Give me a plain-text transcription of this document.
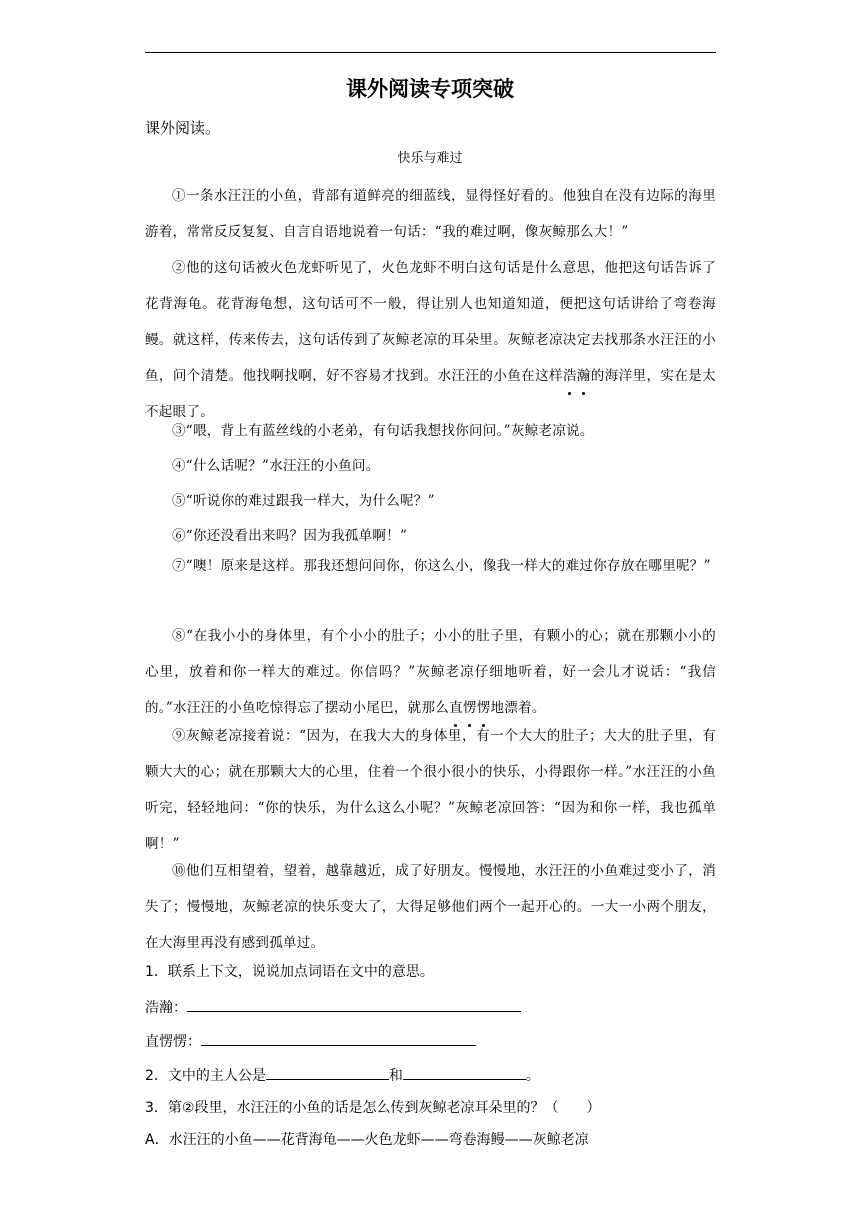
课外阅读专项突破
课外阅读。
快乐与难过
①一条水汪汪的小鱼，背部有道鲜亮的细蓝线，显得怪好看的。他独自在没有边际的海里游着，常常反反复复、自言自语地说着一句话：“我的难过啊，像灰鲸那么大！”
②他的这句话被火色龙虾听见了，火色龙虾不明白这句话是什么意思，他把这句话告诉了花背海龟。花背海龟想，这句话可不一般，得让别人也知道知道，便把这句话讲给了弯卷海鳗。就这样，传来传去，这句话传到了灰鲸老凉的耳朵里。灰鲸老凉决定去找那条水汪汪的小鱼，问个清楚。他找啊找啊，好不容易才找到。水汪汪的小鱼在这样浩瀚的海洋里，实在是太不起眼了。
③“喂，背上有蓝丝线的小老弟，有句话我想找你问问。”灰鲸老凉说。
④“什么话呢？”水汪汪的小鱼问。
⑤“听说你的难过跟我一样大，为什么呢？”
⑥“你还没看出来吗？因为我孤单啊！”
⑦“噢！原来是这样。那我还想问问你，你这么小，像我一样大的难过你存放在哪里呢？”
⑧“在我小小的身体里，有个小小的肚子；小小的肚子里，有颗小的心；就在那颗小小的心里，放着和你一样大的难过。你信吗？”灰鲸老凉仔细地听着，好一会儿才说话：“我信的。”水汪汪的小鱼吃惊得忘了摆动小尾巴，就那么直愣愣地漂着。
⑨灰鲸老凉接着说：“因为，在我大大的身体里，有一个大大的肚子；大大的肚子里，有颗大大的心；就在那颗大大的心里，住着一个很小很小的快乐，小得跟你一样。”水汪汪的小鱼听完，轻轻地问：“你的快乐，为什么这么小呢？”灰鲸老凉回答：“因为和你一样，我也孤单啊！”
⑩他们互相望着，望着，越靠越近，成了好朋友。慢慢地，水汪汪的小鱼难过变小了，消失了；慢慢地，灰鲸老凉的快乐变大了，大得足够他们两个一起开心的。一大一小两个朋友，在大海里再没有感到孤单过。
1．联系上下文，说说加点词语在文中的意思。
浩瀚：
直愣愣：
2．文中的主人公是	和	。
3．第②段里，水汪汪的小鱼的话是怎么传到灰鲸老凉耳朵里的？（　　）
A．水汪汪的小鱼——花背海龟——火色龙虾——弯卷海鳗——灰鲸老凉
